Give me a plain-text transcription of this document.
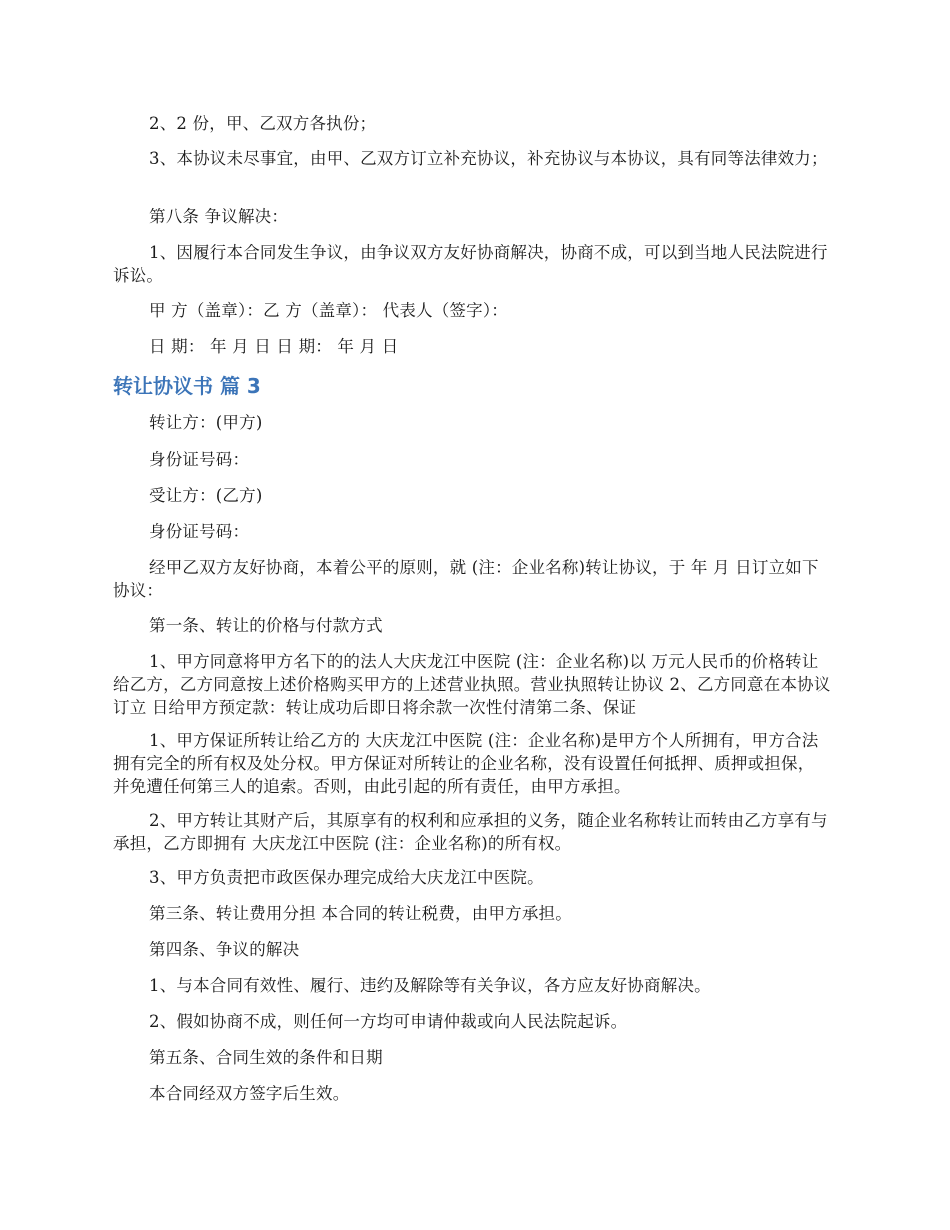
2、2 份，甲、乙双方各执份；

3、本协议未尽事宜，由甲、乙双方订立补充协议，补充协议与本协议，具有同等法律效力；

第八条 争议解决：

1、因履行本合同发生争议，由争议双方友好协商解决，协商不成，可以到当地人民法院进行诉讼。

甲 方（盖章）：乙 方（盖章）： 代表人（签字）：

日 期： 年 月 日 日 期： 年 月 日

转让协议书 篇 3

转让方：(甲方)

身份证号码：

受让方：(乙方)

身份证号码：

经甲乙双方友好协商，本着公平的原则，就 (注：企业名称)转让协议，于 年 月 日订立如下协议：

第一条、转让的价格与付款方式

1、甲方同意将甲方名下的的法人大庆龙江中医院 (注：企业名称)以 万元人民币的价格转让给乙方，乙方同意按上述价格购买甲方的上述营业执照。营业执照转让协议 2、乙方同意在本协议订立 日给甲方预定款：转让成功后即日将余款一次性付清第二条、保证

1、甲方保证所转让给乙方的 大庆龙江中医院 (注：企业名称)是甲方个人所拥有，甲方合法拥有完全的所有权及处分权。甲方保证对所转让的企业名称，没有设置任何抵押、质押或担保，并免遭任何第三人的追索。否则，由此引起的所有责任，由甲方承担。

2、甲方转让其财产后，其原享有的权利和应承担的义务，随企业名称转让而转由乙方享有与承担，乙方即拥有 大庆龙江中医院 (注：企业名称)的所有权。

3、甲方负责把市政医保办理完成给大庆龙江中医院。

第三条、转让费用分担 本合同的转让税费，由甲方承担。

第四条、争议的解决

1、与本合同有效性、履行、违约及解除等有关争议，各方应友好协商解决。

2、假如协商不成，则任何一方均可申请仲裁或向人民法院起诉。

第五条、合同生效的条件和日期

本合同经双方签字后生效。
